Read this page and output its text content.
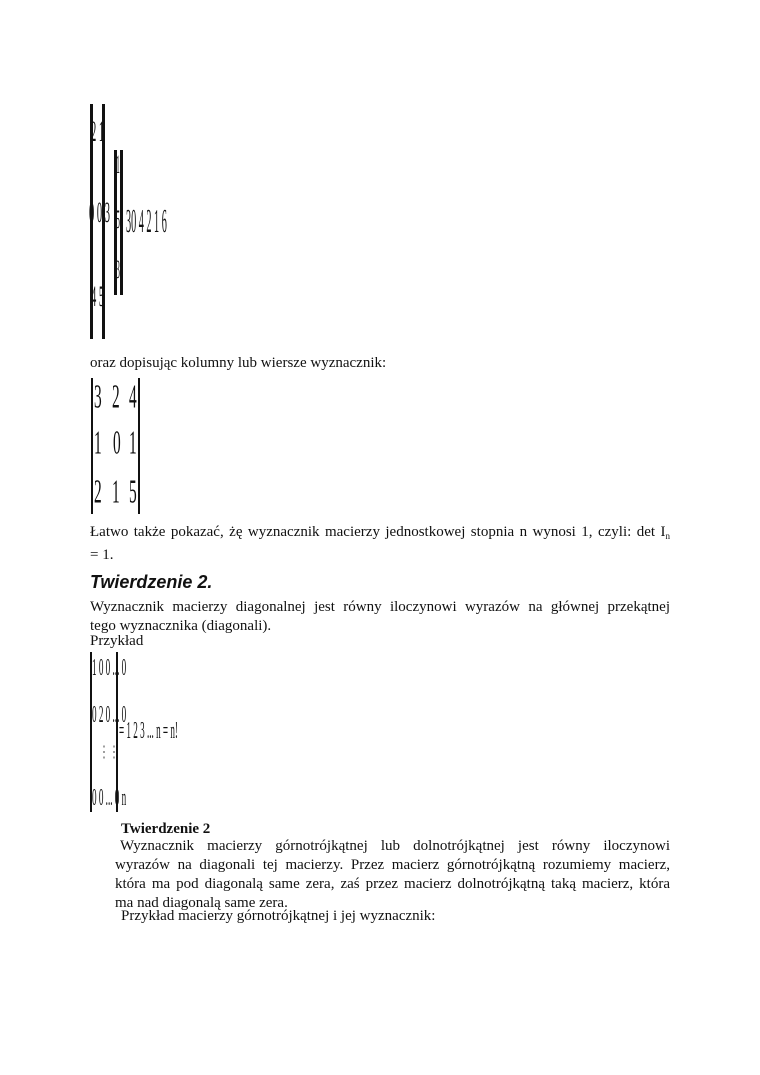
2 1
0 0 3
4 5
1
5
3
30 4 2 1 6
oraz dopisując kolumny lub wiersze wyznacznik:
3 2 4
1 0 1
2 1 5
Łatwo także pokazać, żę wyznacznik macierzy jednostkowej stopnia n wynosi 1, czyli: $\det I_n$
= 1.
Twierdzenie 2.
Wyznacznik macierzy diagonalnej jest równy iloczynowi wyrazów na głównej przekątnej
tego wyznacznika (diagonali).
Przykład
1 0 0 ... 0
0 2 0 ... 0
⋮ ⋮
0 0 ... 0 n
= 1 2 3 ... n = n!
Twierdzenie 2
Wyznacznik macierzy górnotrójkątnej lub dolnotrójkątnej jest równy iloczynowi
wyrazów na diagonali tej macierzy. Przez macierz górnotrójkątną rozumiemy macierz,
która ma pod diagonalą same zera, zaś przez macierz dolnotrójkątną taką macierz, która
ma nad diagonalą same zera.
Przykład macierzy górnotrójkątnej i jej wyznacznik:
